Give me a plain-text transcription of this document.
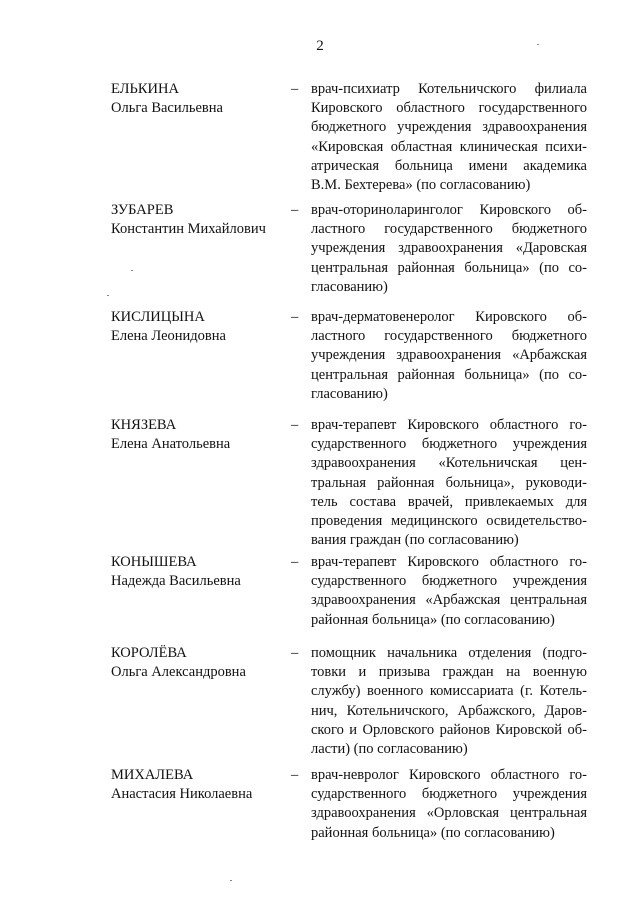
2
ЕЛЬКИНА
Ольга Васильевна
– врач-психиатр Котельничского филиала
Кировского областного государственного
бюджетного учреждения здравоохранения
«Кировская областная клиническая психи-
атрическая больница имени академика
В.М. Бехтерева» (по согласованию)
ЗУБАРЕВ
Константин Михайлович
– врач-оториноларинголог Кировского об-
ластного государственного бюджетного
учреждения здравоохранения «Даровская
центральная районная больница» (по со-
гласованию)
КИСЛИЦЫНА
Елена Леонидовна
– врач-дерматовенеролог Кировского об-
ластного государственного бюджетного
учреждения здравоохранения «Арбажская
центральная районная больница» (по со-
гласованию)
КНЯЗЕВА
Елена Анатольевна
– врач-терапевт Кировского областного го-
сударственного бюджетного учреждения
здравоохранения «Котельничская цен-
тральная районная больница», руководи-
тель состава врачей, привлекаемых для
проведения медицинского освидетельство-
вания граждан (по согласованию)
КОНЫШЕВА
Надежда Васильевна
– врач-терапевт Кировского областного го-
сударственного бюджетного учреждения
здравоохранения «Арбажская центральная
районная больница» (по согласованию)
КОРОЛЁВА
Ольга Александровна
– помощник начальника отделения (подго-
товки и призыва граждан на военную
службу) военного комиссариата (г. Котель-
нич, Котельничского, Арбажского, Даров-
ского и Орловского районов Кировской об-
ласти) (по согласованию)
МИХАЛЕВА
Анастасия Николаевна
– врач-невролог Кировского областного го-
сударственного бюджетного учреждения
здравоохранения «Орловская центральная
районная больница» (по согласованию)
